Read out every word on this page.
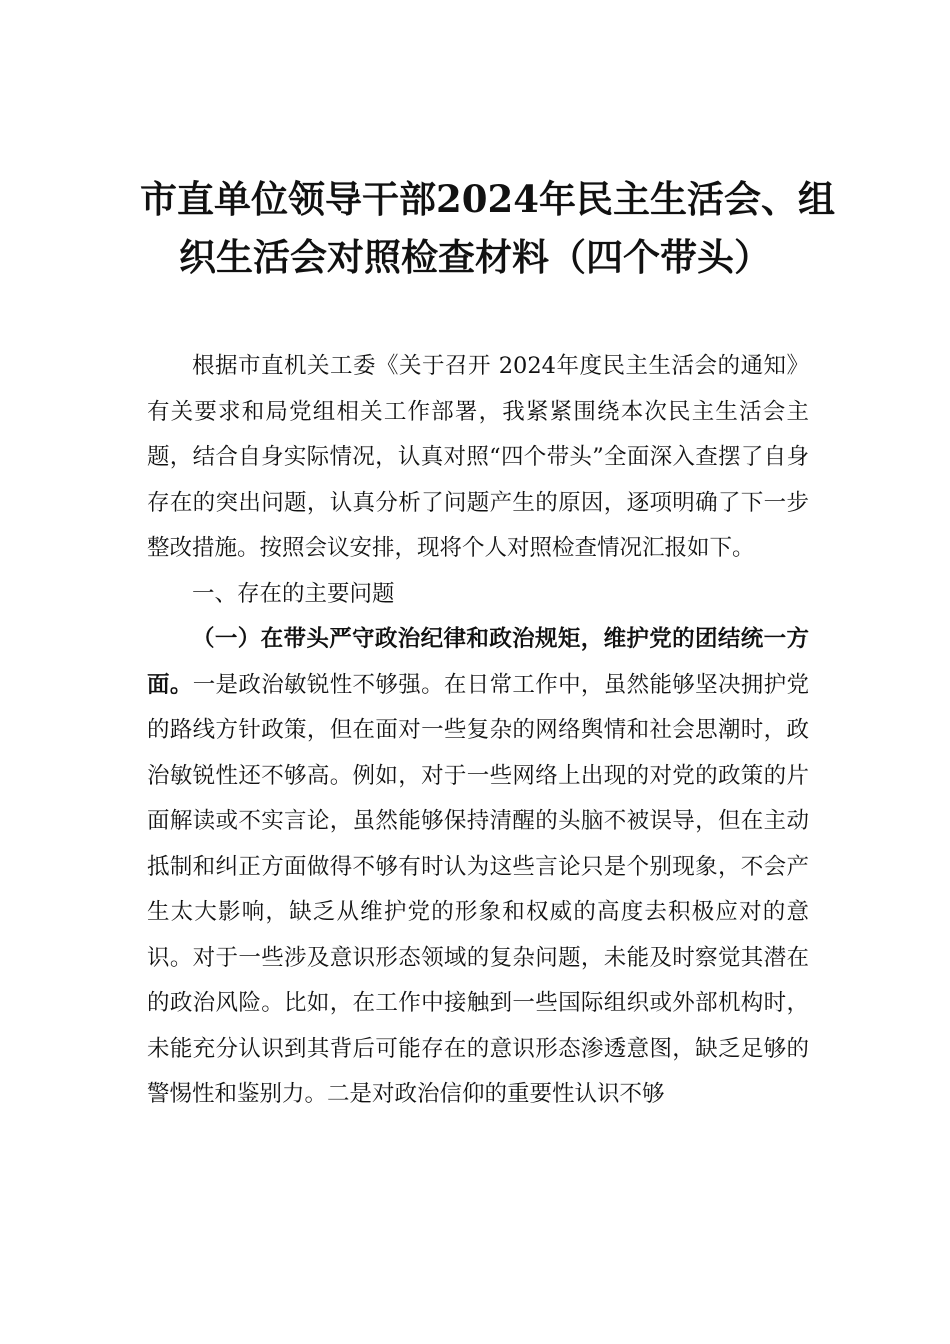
市直单位领导干部2024年民主生活会、组
织生活会对照检查材料（四个带头）

根据市直机关工委《关于召开 2024年度民主生活会的通知》有关要求和局党组相关工作部署，我紧紧围绕本次民主生活会主题，结合自身实际情况，认真对照“四个带头”全面深入查摆了自身存在的突出问题，认真分析了问题产生的原因，逐项明确了下一步整改措施。按照会议安排，现将个人对照检查情况汇报如下。

一、存在的主要问题

（一）在带头严守政治纪律和政治规矩，维护党的团结统一方面。一是政治敏锐性不够强。在日常工作中，虽然能够坚决拥护党的路线方针政策，但在面对一些复杂的网络舆情和社会思潮时，政治敏锐性还不够高。例如，对于一些网络上出现的对党的政策的片面解读或不实言论，虽然能够保持清醒的头脑不被误导，但在主动抵制和纠正方面做得不够有时认为这些言论只是个别现象，不会产生太大影响，缺乏从维护党的形象和权威的高度去积极应对的意识。对于一些涉及意识形态领域的复杂问题，未能及时察觉其潜在的政治风险。比如，在工作中接触到一些国际组织或外部机构时，未能充分认识到其背后可能存在的意识形态渗透意图，缺乏足够的警惕性和鉴别力。二是对政治信仰的重要性认识不够
